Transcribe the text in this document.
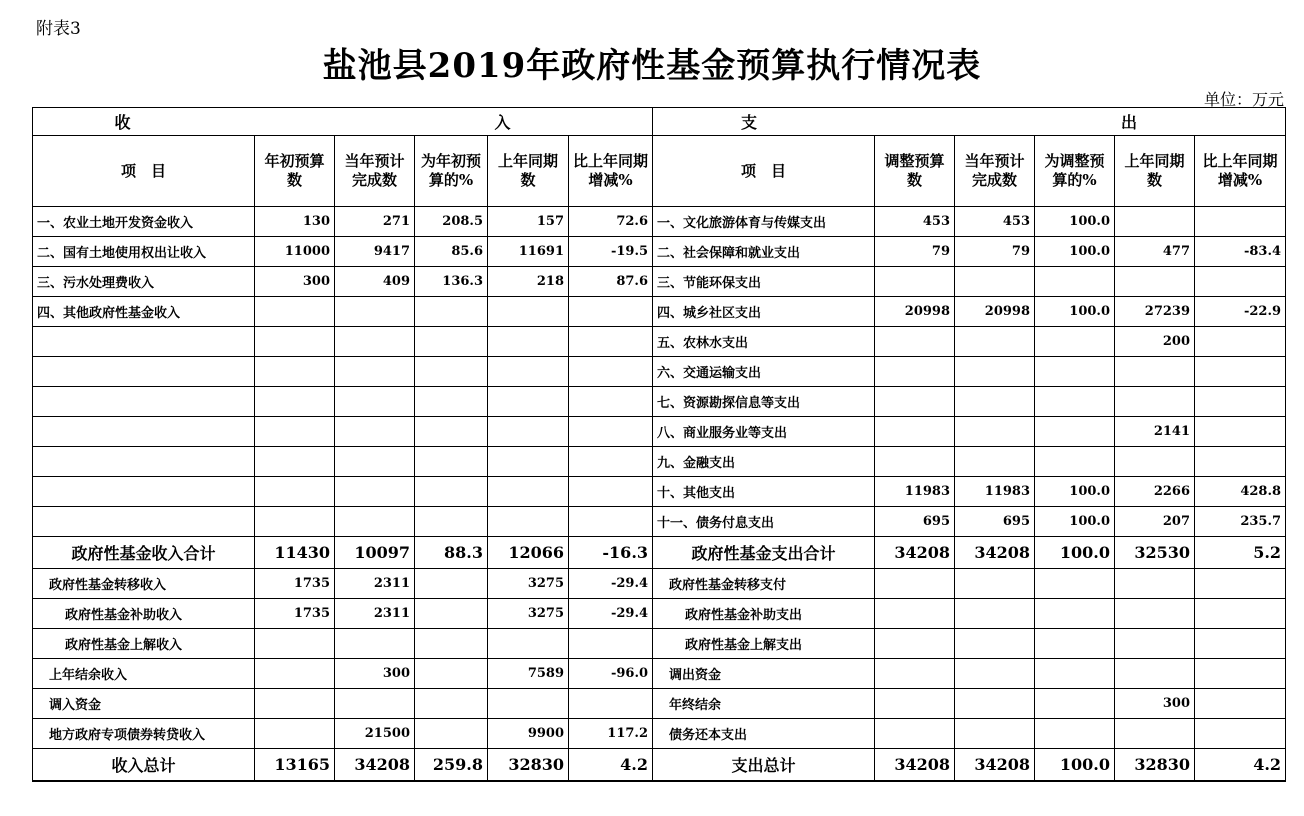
附表3
盐池县2019年政府性基金预算执行情况表
单位：万元
收　　　　入						支　　　　出					
项　目	年初预算数	当年预计完成数	为年初预算的%	上年同期数	比上年同期增减%	项　目	调整预算数	当年预计完成数	为调整预算的%	上年同期数	比上年同期增减%
一、农业土地开发资金收入	130	271	208.5	157	72.6	一、文化旅游体育与传媒支出	453	453	100.0		
二、国有土地使用权出让收入	11000	9417	85.6	11691	-19.5	二、社会保障和就业支出	79	79	100.0	477	-83.4
三、污水处理费收入	300	409	136.3	218	87.6	三、节能环保支出					
四、其他政府性基金收入						四、城乡社区支出	20998	20998	100.0	27239	-22.9
						五、农林水支出				200	
						六、交通运输支出					
						七、资源勘探信息等支出					
						八、商业服务业等支出				2141	
						九、金融支出					
						十、其他支出	11983	11983	100.0	2266	428.8
						十一、债务付息支出	695	695	100.0	207	235.7
政府性基金收入合计	11430	10097	88.3	12066	-16.3	政府性基金支出合计	34208	34208	100.0	32530	5.2
政府性基金转移收入	1735	2311		3275	-29.4	政府性基金转移支付					
政府性基金补助收入	1735	2311		3275	-29.4	政府性基金补助支出					
政府性基金上解收入						政府性基金上解支出					
上年结余收入		300		7589	-96.0	调出资金					
调入资金						年终结余				300	
地方政府专项债券转贷收入		21500		9900	117.2	债务还本支出					
收入总计	13165	34208	259.8	32830	4.2	支出总计	34208	34208	100.0	32830	4.2
